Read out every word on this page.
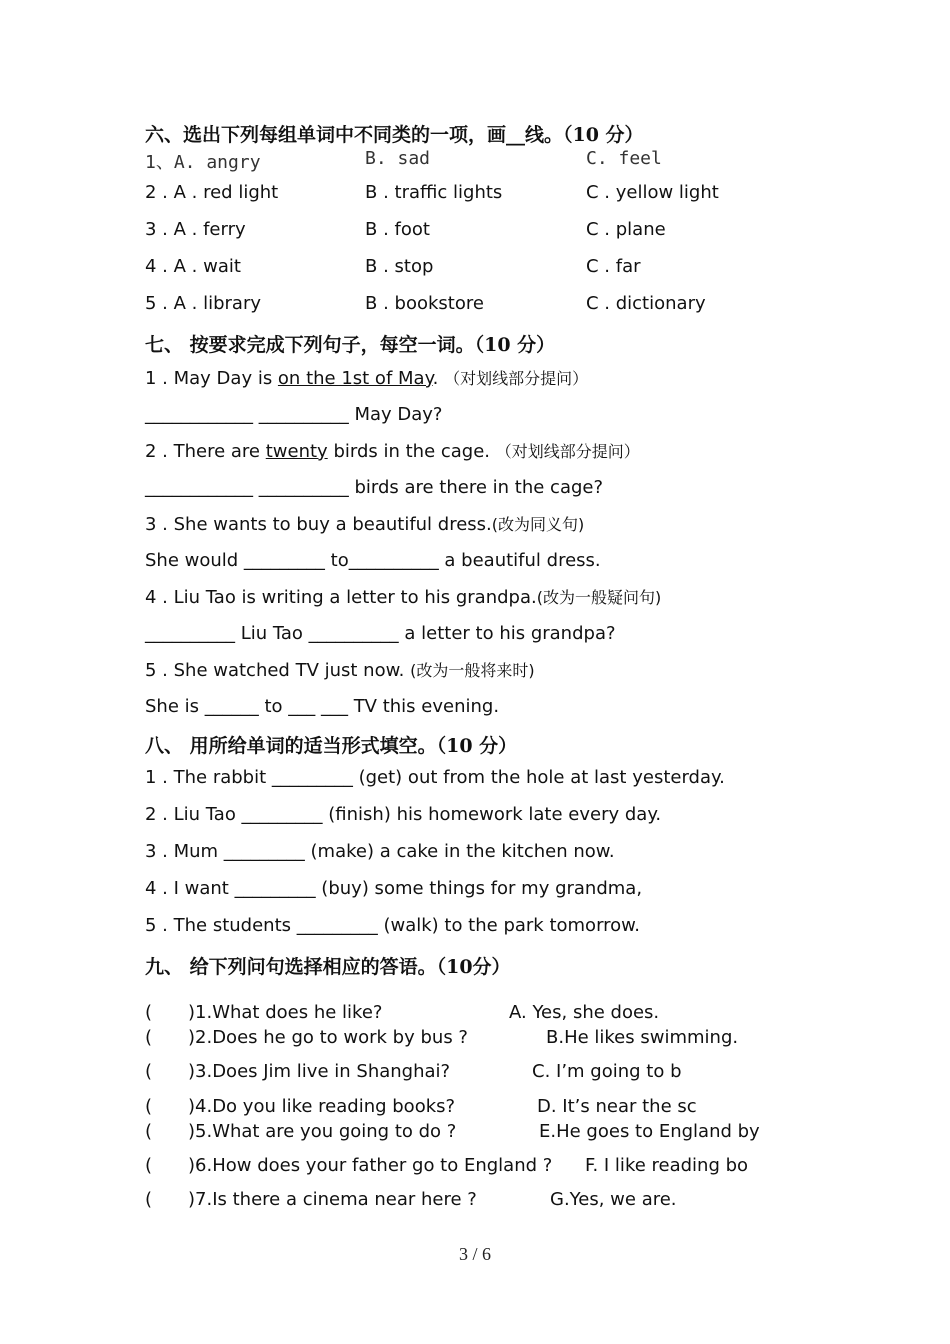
六、选出下列每组单词中不同类的一项，画__线。（10 分）
1、A. angry	B. sad	C. feel
2 . A . red light	B . traffic lights	C . yellow light
3 . A . ferry	B . foot	C . plane
4 . A . wait	B . stop	C . far
5 . A . library	B . bookstore	C . dictionary
七、 按要求完成下列句子，每空一词。（10 分）
1 . May Day is on the 1st of May. （对划线部分提问）
____________ __________ May Day?
2 . There are twenty birds in the cage. （对划线部分提问）
____________ __________ birds are there in the cage?
3 . She wants to buy a beautiful dress.(改为同义句)
She would _________ to__________ a beautiful dress.
4 . Liu Tao is writing a letter to his grandpa.(改为一般疑问句)
__________ Liu Tao __________ a letter to his grandpa?
5 . She watched TV just now. (改为一般将来时)
She is ______ to ___ ___ TV this evening.
八、 用所给单词的适当形式填空。（10 分）
1 . The rabbit _________ (get) out from the hole at last yesterday.
2 . Liu Tao _________ (finish) his homework late every day.
3 . Mum _________ (make) a cake in the kitchen now.
4 . I want _________ (buy) some things for my grandma,
5 . The students _________ (walk) to the park tomorrow.
九、 给下列问句选择相应的答语。（10分）
( )1.What does he like?	A. Yes, she does.
( )2.Does he go to work by bus ?	B.He likes swimming.
( )3.Does Jim live in Shanghai?	C. I’m going to b
( )4.Do you like reading books?	D. It’s near the sc
( )5.What are you going to do ?	E.He goes to England by
( )6.How does your father go to England ? F. I like reading bo
( )7.Is there a cinema near here ?	G.Yes, we are.
3 / 6
